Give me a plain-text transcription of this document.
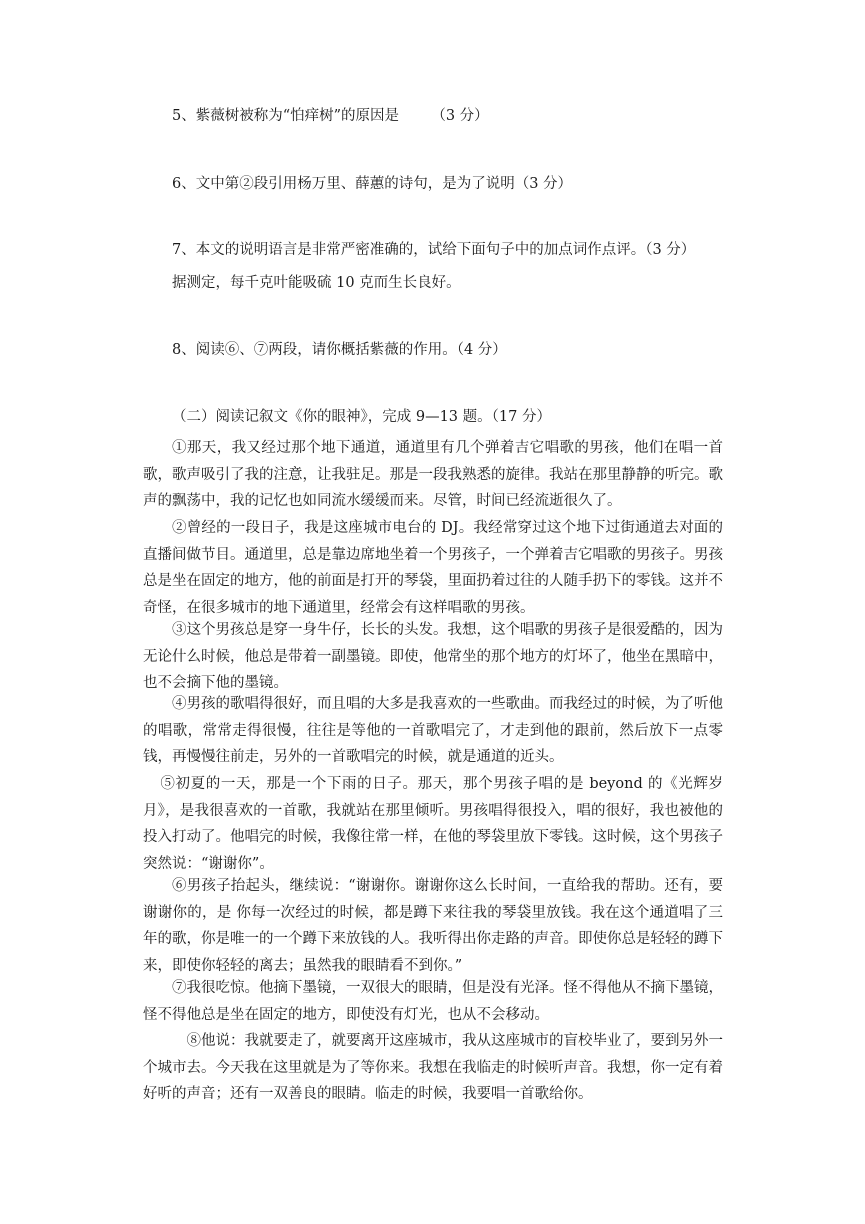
5、紫薇树被称为“怕痒树”的原因是       （3 分）
6、文中第②段引用杨万里、薛蕙的诗句，是为了说明（3 分）
7、本文的说明语言是非常严密准确的，试给下面句子中的加点词作点评。（3 分）
据测定，每千克叶能吸硫 10 克而生长良好。
8、阅读⑥、⑦两段，请你概括紫薇的作用。（4 分）
（二）阅读记叙文《你的眼神》，完成 9—13 题。（17 分）
①那天，我又经过那个地下通道，通道里有几个弹着吉它唱歌的男孩，他们在唱一首歌，歌声吸引了我的注意，让我驻足。那是一段我熟悉的旋律。我站在那里静静的听完。歌声的飘荡中，我的记忆也如同流水缓缓而来。尽管，时间已经流逝很久了。
②曾经的一段日子，我是这座城市电台的 DJ。我经常穿过这个地下过街通道去对面的直播间做节目。通道里，总是靠边席地坐着一个男孩子，一个弹着吉它唱歌的男孩子。男孩总是坐在固定的地方，他的前面是打开的琴袋，里面扔着过往的人随手扔下的零钱。这并不奇怪，在很多城市的地下通道里，经常会有这样唱歌的男孩。
③这个男孩总是穿一身牛仔，长长的头发。我想，这个唱歌的男孩子是很爱酷的，因为无论什么时候，他总是带着一副墨镜。即使，他常坐的那个地方的灯坏了，他坐在黑暗中，也不会摘下他的墨镜。
④男孩的歌唱得很好，而且唱的大多是我喜欢的一些歌曲。而我经过的时候，为了听他的唱歌，常常走得很慢，往往是等他的一首歌唱完了，才走到他的跟前，然后放下一点零钱，再慢慢往前走，另外的一首歌唱完的时候，就是通道的近头。
⑤初夏的一天，那是一个下雨的日子。那天，那个男孩子唱的是 beyond 的《光辉岁月》，是我很喜欢的一首歌，我就站在那里倾听。男孩唱得很投入，唱的很好，我也被他的投入打动了。他唱完的时候，我像往常一样，在他的琴袋里放下零钱。这时候，这个男孩子突然说：“谢谢你”。
⑥男孩子抬起头，继续说：“谢谢你。谢谢你这么长时间，一直给我的帮助。还有，要谢谢你的，是 你每一次经过的时候，都是蹲下来往我的琴袋里放钱。我在这个通道唱了三年的歌，你是唯一的一个蹲下来放钱的人。我听得出你走路的声音。即使你总是轻轻的蹲下来，即使你轻轻的离去；虽然我的眼睛看不到你。”
⑦我很吃惊。他摘下墨镜，一双很大的眼睛，但是没有光泽。怪不得他从不摘下墨镜，怪不得他总是坐在固定的地方，即使没有灯光，也从不会移动。
⑧他说：我就要走了，就要离开这座城市，我从这座城市的盲校毕业了，要到另外一个城市去。今天我在这里就是为了等你来。我想在我临走的时候听声音。我想，你一定有着好听的声音；还有一双善良的眼睛。临走的时候，我要唱一首歌给你。
